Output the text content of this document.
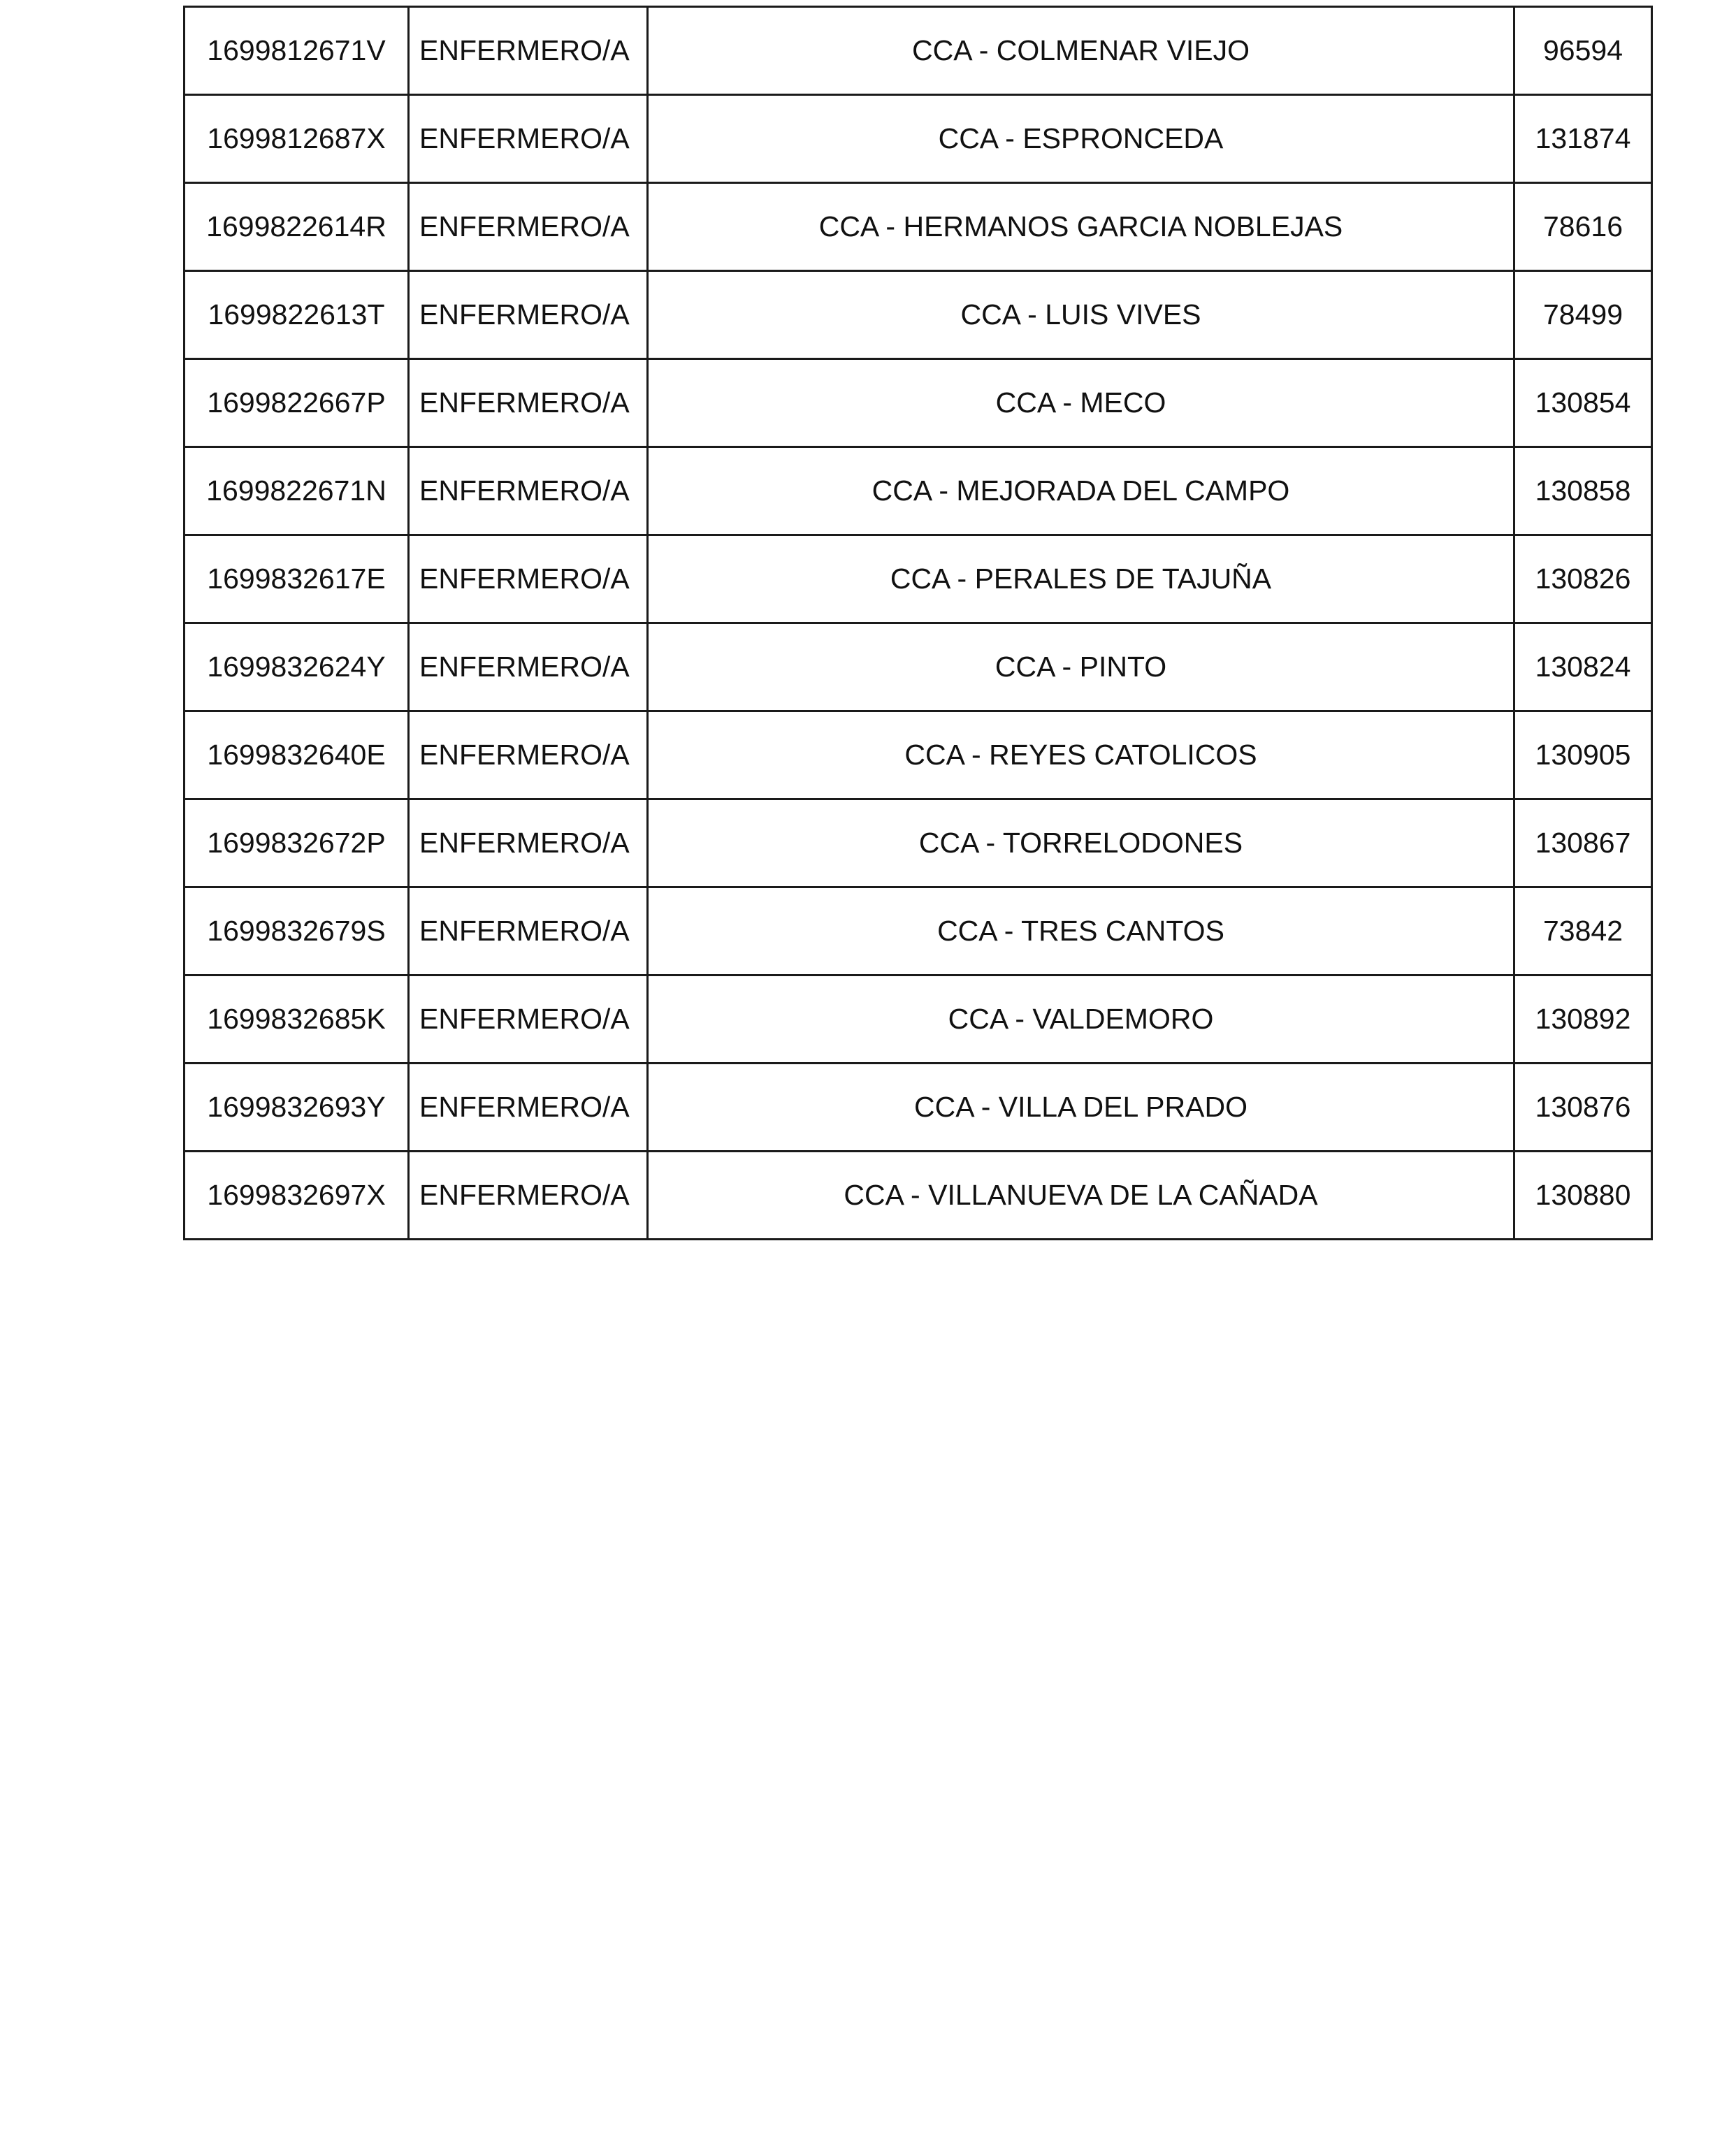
1699812671V	ENFERMERO/A	CCA - COLMENAR VIEJO	96594
1699812687X	ENFERMERO/A	CCA - ESPRONCEDA	131874
1699822614R	ENFERMERO/A	CCA - HERMANOS GARCIA NOBLEJAS	78616
1699822613T	ENFERMERO/A	CCA - LUIS VIVES	78499
1699822667P	ENFERMERO/A	CCA - MECO	130854
1699822671N	ENFERMERO/A	CCA - MEJORADA DEL CAMPO	130858
1699832617E	ENFERMERO/A	CCA - PERALES DE TAJUÑA	130826
1699832624Y	ENFERMERO/A	CCA - PINTO	130824
1699832640E	ENFERMERO/A	CCA - REYES CATOLICOS	130905
1699832672P	ENFERMERO/A	CCA - TORRELODONES	130867
1699832679S	ENFERMERO/A	CCA - TRES CANTOS	73842
1699832685K	ENFERMERO/A	CCA - VALDEMORO	130892
1699832693Y	ENFERMERO/A	CCA - VILLA DEL PRADO	130876
1699832697X	ENFERMERO/A	CCA - VILLANUEVA DE LA CAÑADA	130880
